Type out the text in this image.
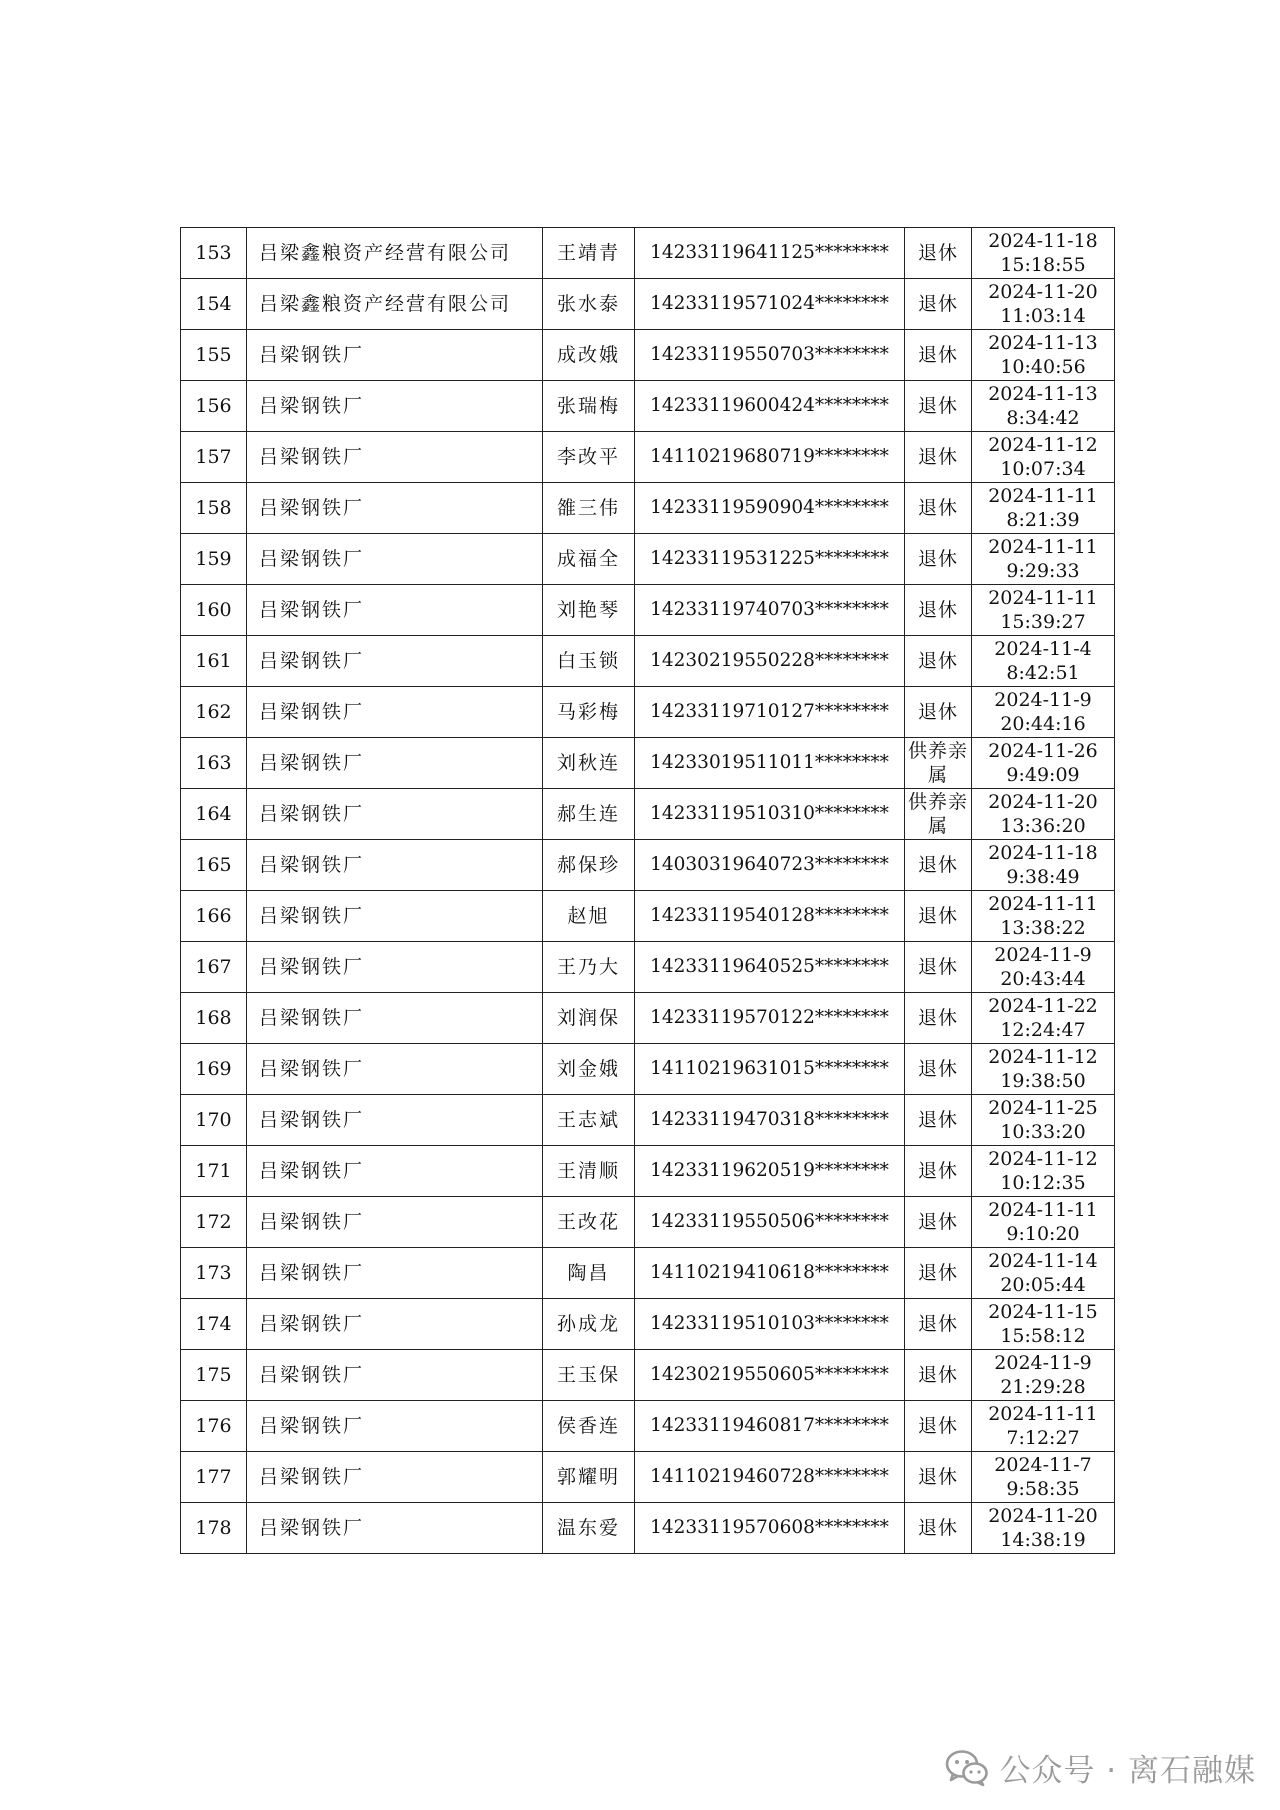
153	吕梁鑫粮资产经营有限公司	王靖青	14233119641125********	退休	2024-11-18
15:18:55

154	吕梁鑫粮资产经营有限公司	张水泰	14233119571024********	退休	2024-11-20
11:03:14

155	吕梁钢铁厂	成改娥	14233119550703********	退休	2024-11-13
10:40:56

156	吕梁钢铁厂	张瑞梅	14233119600424********	退休	2024-11-13
8:34:42

157	吕梁钢铁厂	李改平	14110219680719********	退休	2024-11-12
10:07:34

158	吕梁钢铁厂	雒三伟	14233119590904********	退休	2024-11-11
8:21:39

159	吕梁钢铁厂	成福全	14233119531225********	退休	2024-11-11
9:29:33

160	吕梁钢铁厂	刘艳琴	14233119740703********	退休	2024-11-11
15:39:27

161	吕梁钢铁厂	白玉锁	14230219550228********	退休	2024-11-4
8:42:51

162	吕梁钢铁厂	马彩梅	14233119710127********	退休	2024-11-9
20:44:16

163	吕梁钢铁厂	刘秋连	14233019511011********	供养亲属	2024-11-26
9:49:09

164	吕梁钢铁厂	郝生连	14233119510310********	供养亲属	2024-11-20
13:36:20

165	吕梁钢铁厂	郝保珍	14030319640723********	退休	2024-11-18
9:38:49

166	吕梁钢铁厂	赵旭	14233119540128********	退休	2024-11-11
13:38:22

167	吕梁钢铁厂	王乃大	14233119640525********	退休	2024-11-9
20:43:44

168	吕梁钢铁厂	刘润保	14233119570122********	退休	2024-11-22
12:24:47

169	吕梁钢铁厂	刘金娥	14110219631015********	退休	2024-11-12
19:38:50

170	吕梁钢铁厂	王志斌	14233119470318********	退休	2024-11-25
10:33:20

171	吕梁钢铁厂	王清顺	14233119620519********	退休	2024-11-12
10:12:35

172	吕梁钢铁厂	王改花	14233119550506********	退休	2024-11-11
9:10:20

173	吕梁钢铁厂	陶昌	14110219410618********	退休	2024-11-14
20:05:44

174	吕梁钢铁厂	孙成龙	14233119510103********	退休	2024-11-15
15:58:12

175	吕梁钢铁厂	王玉保	14230219550605********	退休	2024-11-9
21:29:28

176	吕梁钢铁厂	侯香连	14233119460817********	退休	2024-11-11
7:12:27

177	吕梁钢铁厂	郭耀明	14110219460728********	退休	2024-11-7
9:58:35

178	吕梁钢铁厂	温东爱	14233119570608********	退休	2024-11-20
14:38:19
公众号 · 离石融媒
